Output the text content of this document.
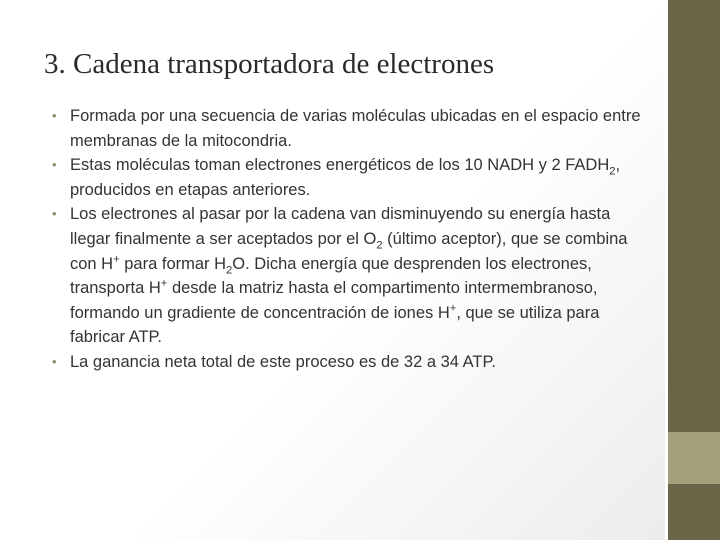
3. Cadena transportadora de electrones
• Formada por una secuencia de varias moléculas ubicadas en el espacio entre membranas de la mitocondria.
• Estas moléculas toman electrones energéticos de los 10 NADH y 2 $FADH_2$, producidos en etapas anteriores.
• Los electrones al pasar por la cadena van disminuyendo su energía hasta llegar finalmente a ser aceptados por el $O_2$ (último aceptor), que se combina con H+ para formar $H_2O$. Dicha energía que desprenden los electrones, transporta H+ desde la matriz hasta el compartimento intermembranoso, formando un gradiente de concentración de iones H+, que se utiliza para fabricar ATP.
• La ganancia neta total de este proceso es de 32 a 34 ATP.
